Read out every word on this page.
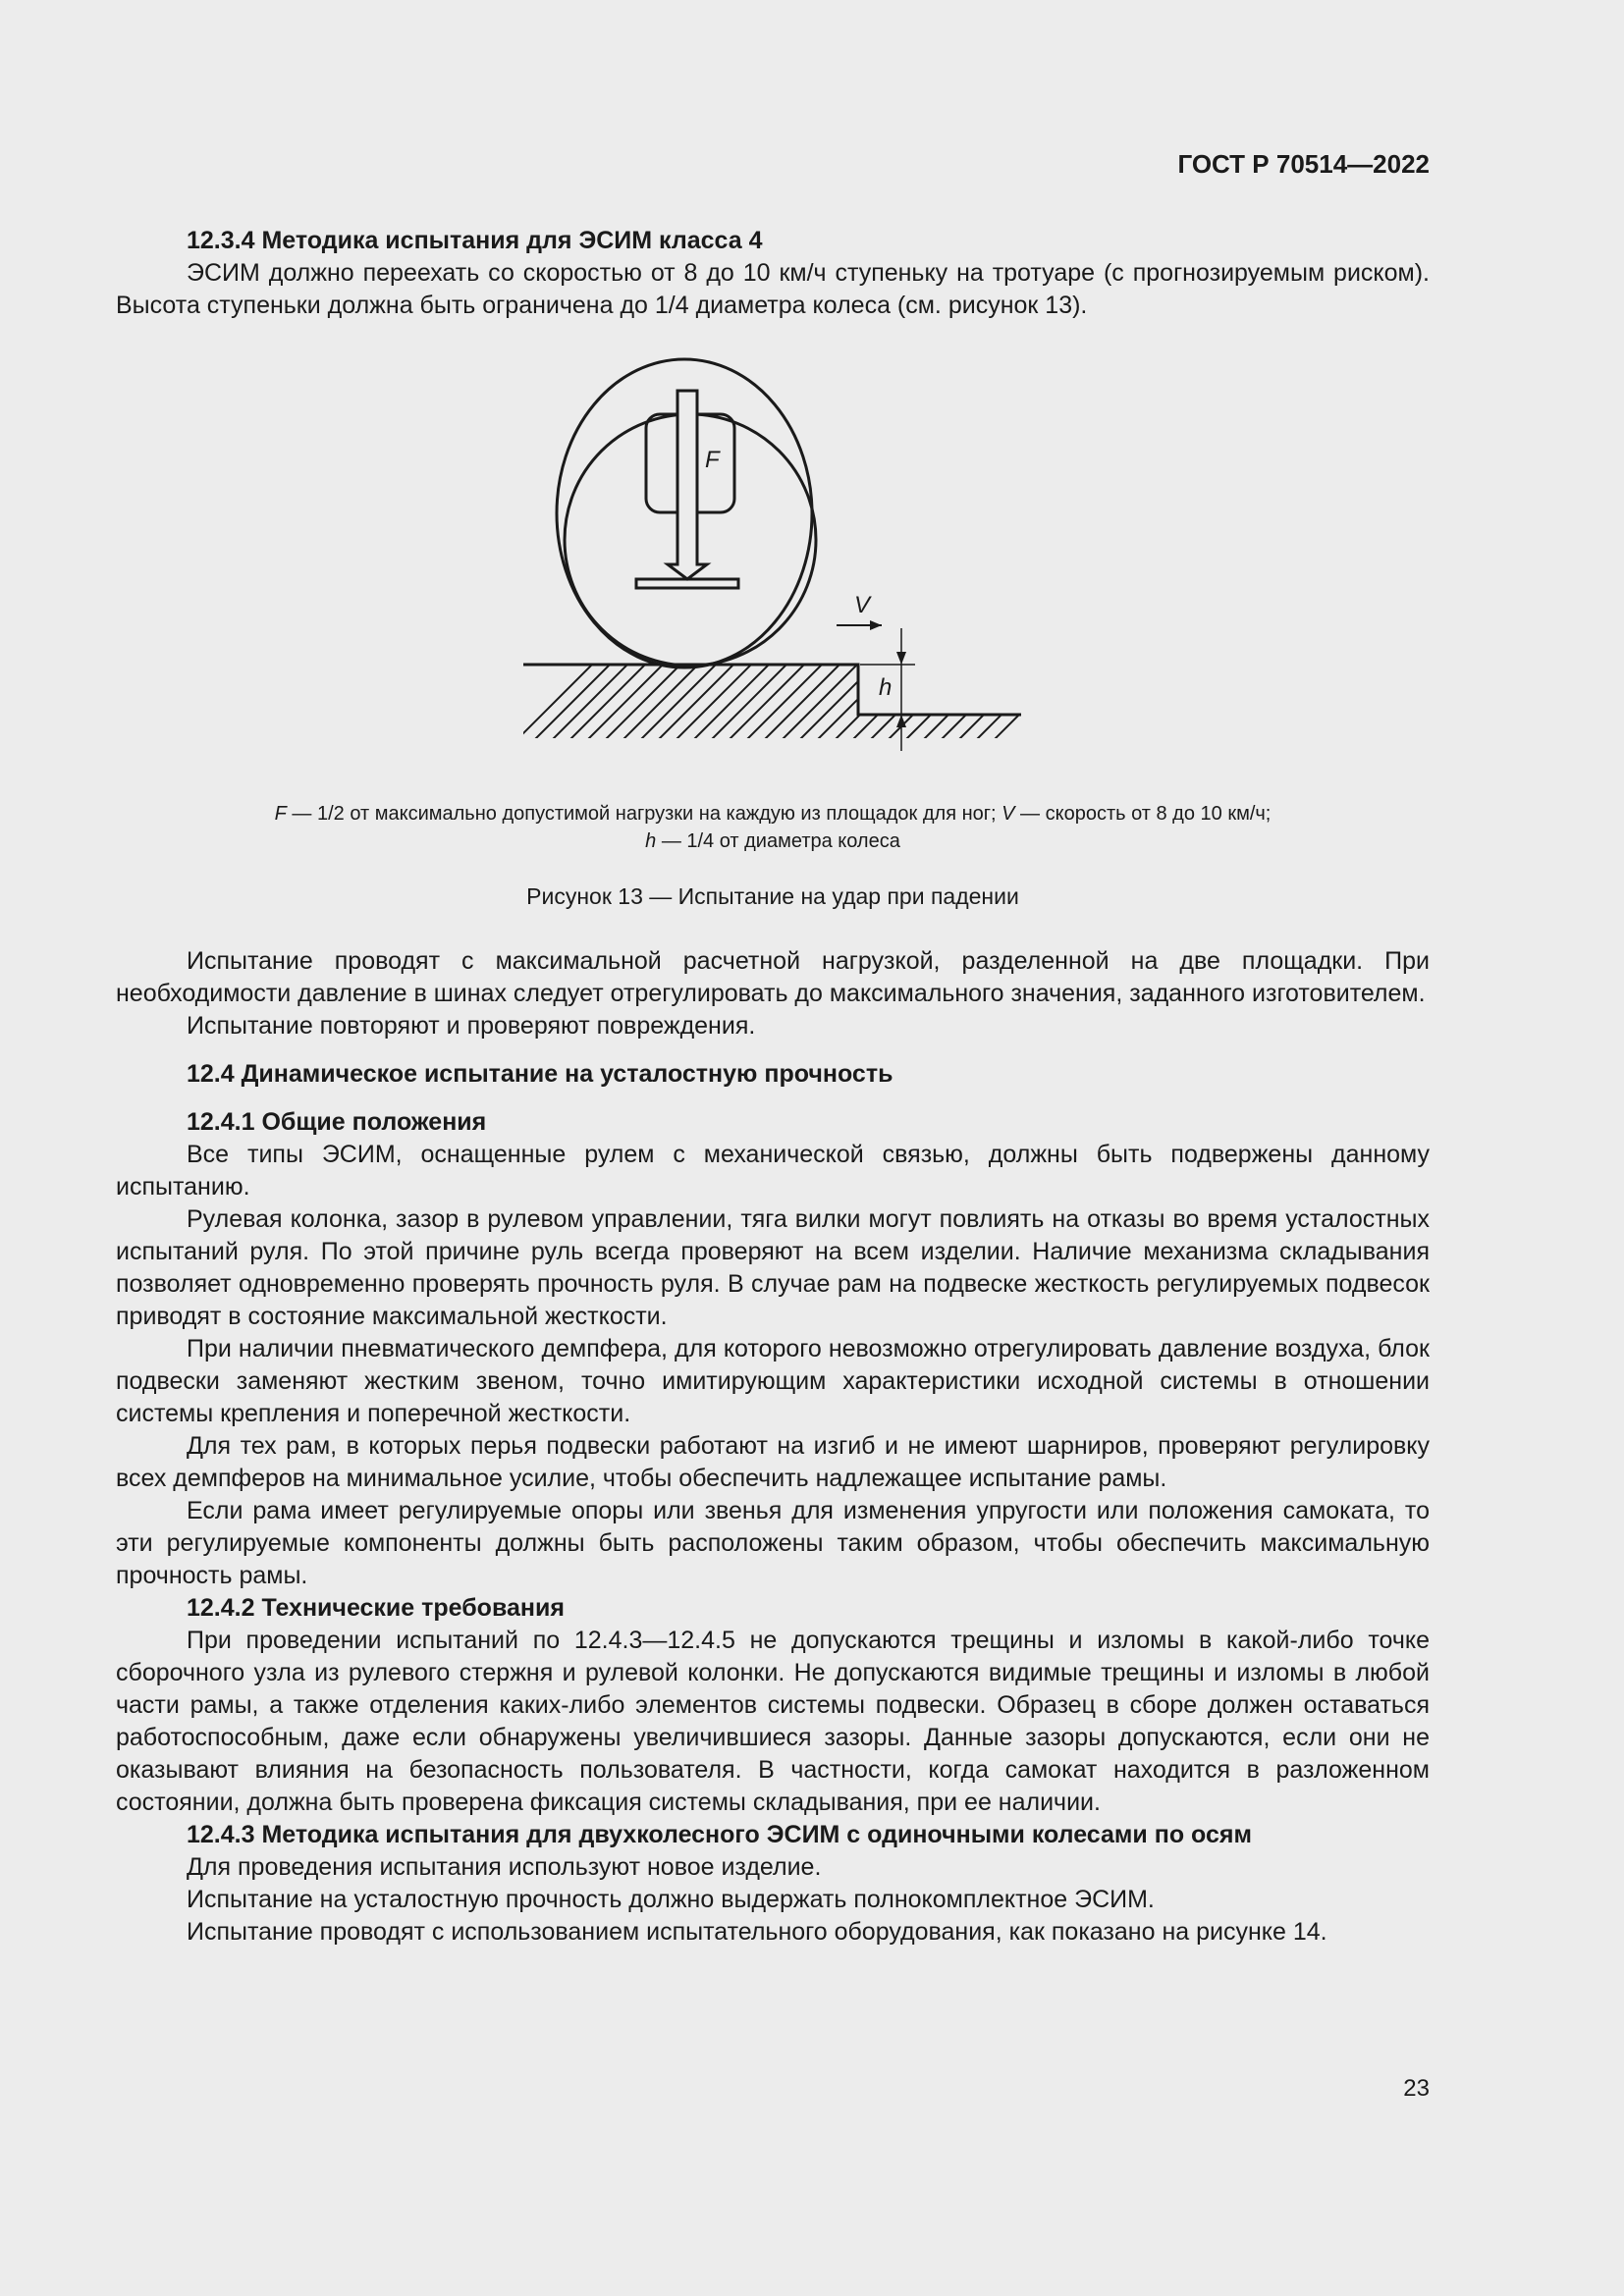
ГОСТ Р 70514—2022

12.3.4 Методика испытания для ЭСИМ класса 4

ЭСИМ должно переехать со скоростью от 8 до 10 км/ч ступеньку на тротуаре (с прогнозируемым риском). Высота ступеньки должна быть ограничена до 1/4 диаметра колеса (см. рисунок 13).

F
V
h
F — 1/2 от максимально допустимой нагрузки на каждую из площадок для ног; V — скорость от 8 до 10 км/ч;
h — 1/4 от диаметра колеса
Рисунок 13 — Испытание на удар при падении

Испытание проводят с максимальной расчетной нагрузкой, разделенной на две площадки. При необходимости давление в шинах следует отрегулировать до максимального значения, заданного изготовителем.

Испытание повторяют и проверяют повреждения.

12.4 Динамическое испытание на усталостную прочность

12.4.1 Общие положения

Все типы ЭСИМ, оснащенные рулем с механической связью, должны быть подвержены данному испытанию.

Рулевая колонка, зазор в рулевом управлении, тяга вилки могут повлиять на отказы во время усталостных испытаний руля. По этой причине руль всегда проверяют на всем изделии. Наличие механизма складывания позволяет одновременно проверять прочность руля. В случае рам на подвеске жесткость регулируемых подвесок приводят в состояние максимальной жесткости.

При наличии пневматического демпфера, для которого невозможно отрегулировать давление воздуха, блок подвески заменяют жестким звеном, точно имитирующим характеристики исходной системы в отношении системы крепления и поперечной жесткости.

Для тех рам, в которых перья подвески работают на изгиб и не имеют шарниров, проверяют регулировку всех демпферов на минимальное усилие, чтобы обеспечить надлежащее испытание рамы.

Если рама имеет регулируемые опоры или звенья для изменения упругости или положения самоката, то эти регулируемые компоненты должны быть расположены таким образом, чтобы обеспечить максимальную прочность рамы.

12.4.2 Технические требования

При проведении испытаний по 12.4.3—12.4.5 не допускаются трещины и изломы в какой-либо точке сборочного узла из рулевого стержня и рулевой колонки. Не допускаются видимые трещины и изломы в любой части рамы, а также отделения каких-либо элементов системы подвески. Образец в сборе должен оставаться работоспособным, даже если обнаружены увеличившиеся зазоры. Данные зазоры допускаются, если они не оказывают влияния на безопасность пользователя. В частности, когда самокат находится в разложенном состоянии, должна быть проверена фиксация системы складывания, при ее наличии.

12.4.3 Методика испытания для двухколесного ЭСИМ с одиночными колесами по осям

Для проведения испытания используют новое изделие.

Испытание на усталостную прочность должно выдержать полнокомплектное ЭСИМ.

Испытание проводят с использованием испытательного оборудования, как показано на рисунке 14.

23
